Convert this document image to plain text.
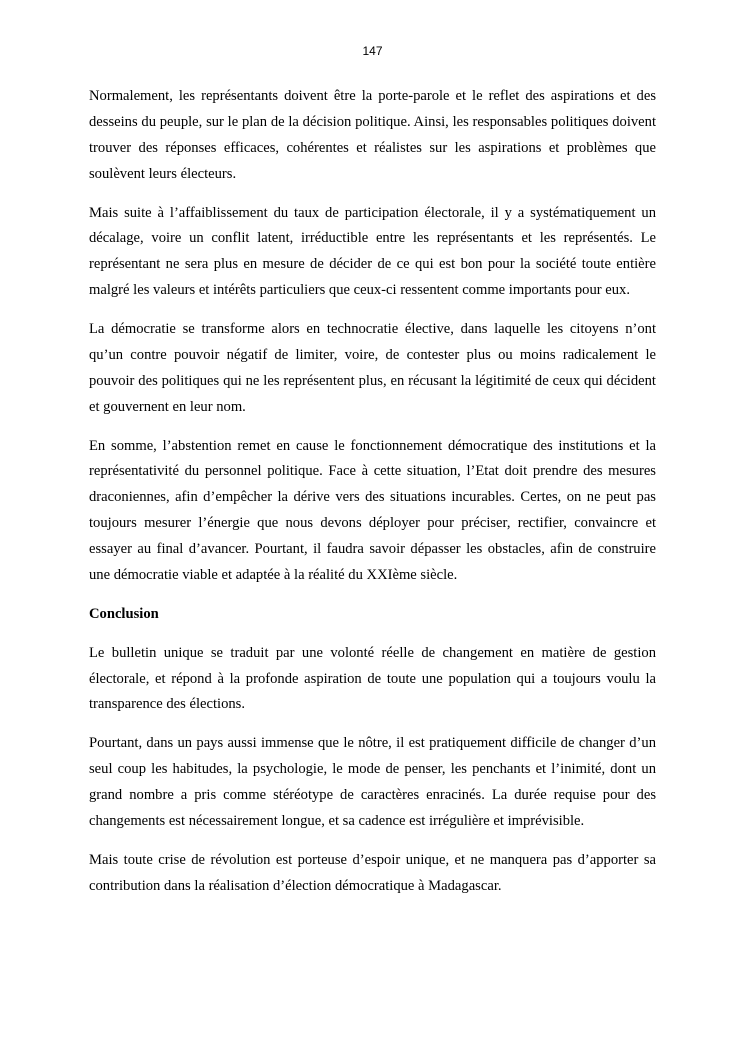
147

Normalement, les représentants doivent être la porte-parole et le reflet des aspirations et des desseins du peuple, sur le plan de la décision politique. Ainsi, les responsables politiques doivent trouver des réponses efficaces, cohérentes et réalistes sur les aspirations et problèmes que soulèvent leurs électeurs.

Mais suite à l’affaiblissement du taux de participation électorale, il y a systématiquement un décalage, voire un conflit latent, irréductible entre les représentants et les représentés. Le représentant ne sera plus en mesure de décider de ce qui est bon pour la société toute entière malgré les valeurs et intérêts particuliers que ceux-ci ressentent comme importants pour eux.

La démocratie se transforme alors en technocratie élective, dans laquelle les citoyens n’ont qu’un contre pouvoir négatif de limiter, voire, de contester plus ou moins radicalement le pouvoir des politiques qui ne les représentent plus, en récusant la légitimité de ceux qui décident et gouvernent en leur nom.

En somme, l’abstention remet en cause le fonctionnement démocratique des institutions et la représentativité du personnel politique. Face à cette situation, l’Etat doit prendre des mesures draconiennes, afin d’empêcher la dérive vers des situations incurables. Certes, on ne peut pas toujours mesurer l’énergie que nous devons déployer pour préciser, rectifier, convaincre et essayer au final d’avancer. Pourtant, il faudra savoir dépasser les obstacles, afin de construire une démocratie viable et adaptée à la réalité du XXIème siècle.

Conclusion

Le bulletin unique se traduit par une volonté réelle de changement en matière de gestion électorale, et répond à la profonde aspiration de toute une population qui a toujours voulu la transparence des élections.

Pourtant, dans un pays aussi immense que le nôtre, il est pratiquement difficile de changer d’un seul coup les habitudes, la psychologie, le mode de penser, les penchants et l’inimité, dont un grand nombre a pris comme stéréotype de caractères enracinés. La durée requise pour des changements est nécessairement longue, et sa cadence est irrégulière et imprévisible.

Mais toute crise de révolution est porteuse d’espoir unique, et ne manquera pas d’apporter sa contribution dans la réalisation d’élection démocratique à Madagascar.
